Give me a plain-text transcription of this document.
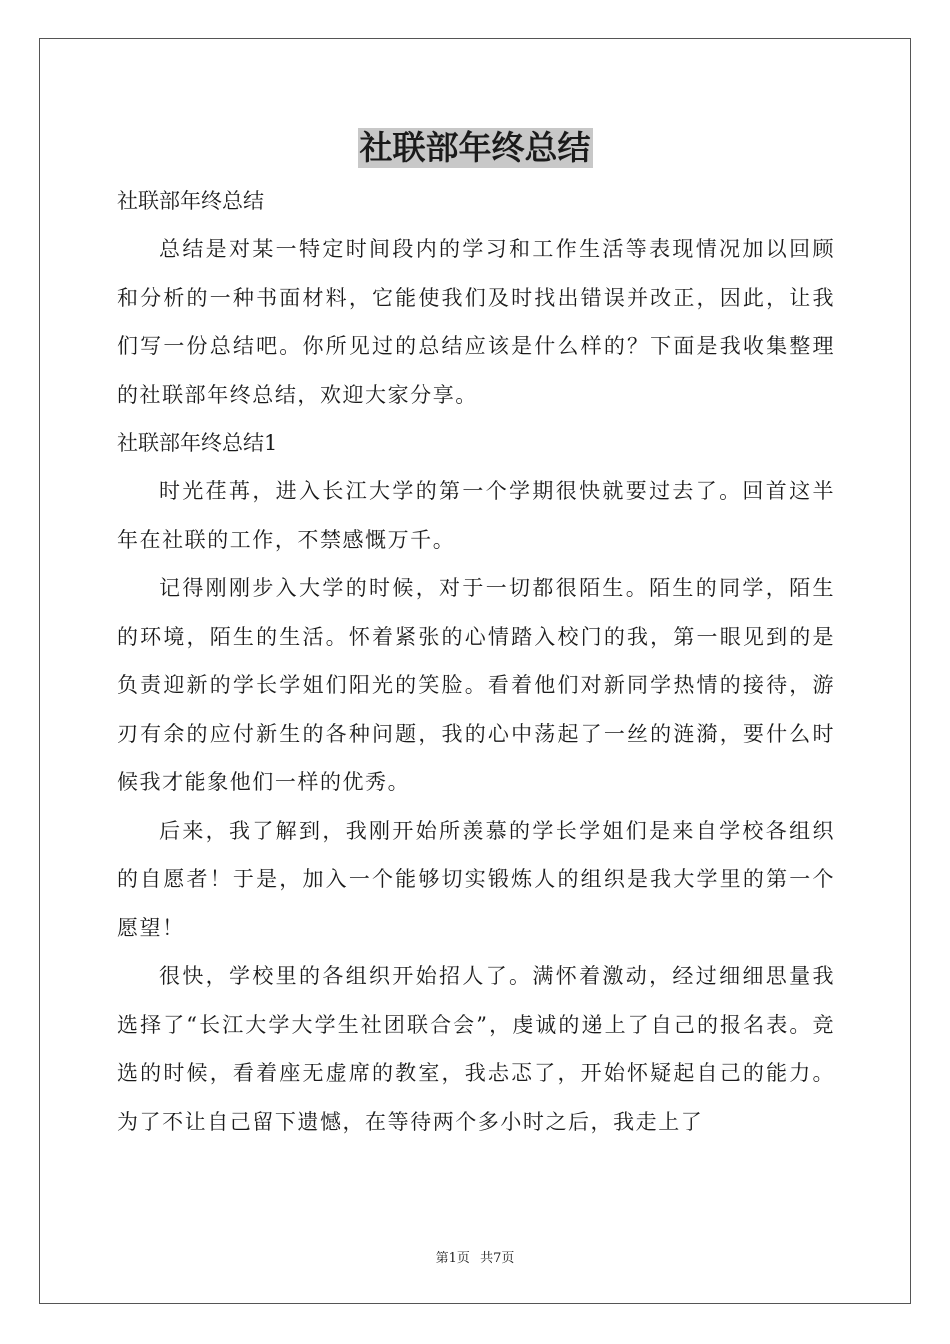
社联部年终总结
社联部年终总结

总结是对某一特定时间段内的学习和工作生活等表现情况加以回顾和分析的一种书面材料，它能使我们及时找出错误并改正，因此，让我们写一份总结吧。你所见过的总结应该是什么样的？下面是我收集整理的社联部年终总结，欢迎大家分享。

社联部年终总结1

时光荏苒，进入长江大学的第一个学期很快就要过去了。回首这半年在社联的工作，不禁感慨万千。

记得刚刚步入大学的时候，对于一切都很陌生。陌生的同学，陌生的环境，陌生的生活。怀着紧张的心情踏入校门的我，第一眼见到的是负责迎新的学长学姐们阳光的笑脸。看着他们对新同学热情的接待，游刃有余的应付新生的各种问题，我的心中荡起了一丝的涟漪，要什么时候我才能象他们一样的优秀。

后来，我了解到，我刚开始所羡慕的学长学姐们是来自学校各组织的自愿者！于是，加入一个能够切实锻炼人的组织是我大学里的第一个愿望！

很快，学校里的各组织开始招人了。满怀着激动，经过细细思量我选择了“长江大学大学生社团联合会”，虔诚的递上了自己的报名表。竞选的时候，看着座无虚席的教室，我忐忑了，开始怀疑起自己的能力。为了不让自己留下遗憾，在等待两个多小时之后，我走上了

第1页 共7页
